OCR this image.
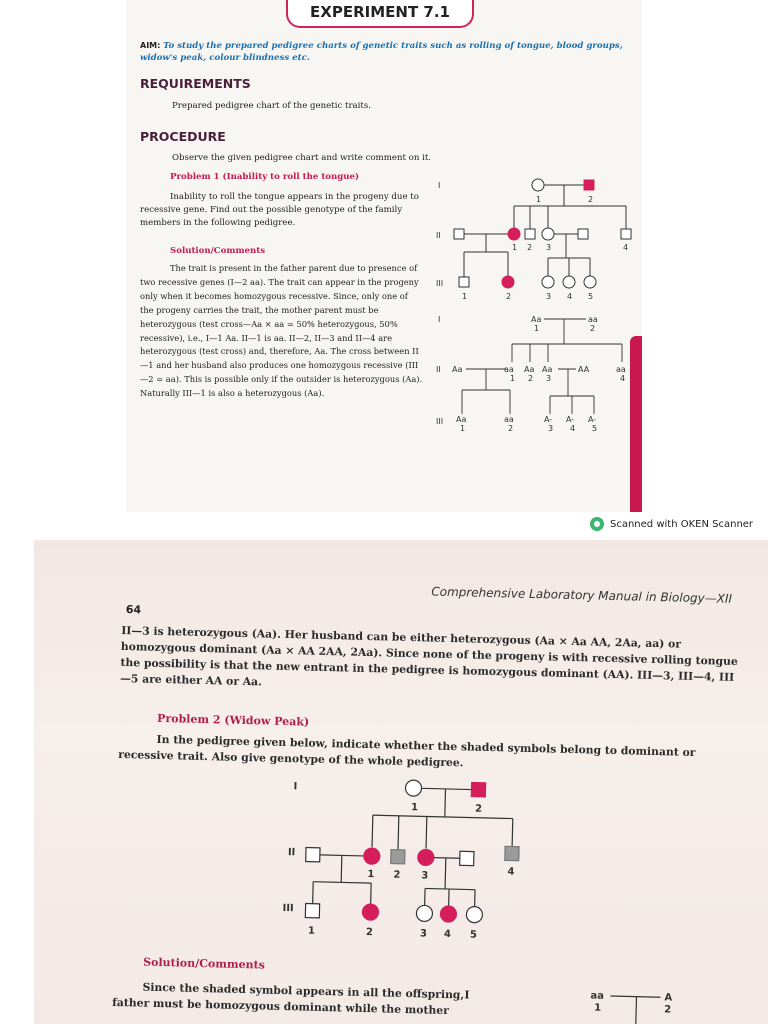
EXPERIMENT 7.1
AIM: To study the prepared pedigree charts of genetic traits such as rolling of tongue, blood groups, widow's peak, colour blindness etc.
REQUIREMENTS
Prepared pedigree chart of the genetic traits.
PROCEDURE
Observe the given pedigree chart and write comment on it.
Problem 1 (Inability to roll the tongue)
Inability to roll the tongue appears in the progeny due to recessive gene. Find out the possible genotype of the family members in the following pedigree.
Solution/Comments
The trait is present in the father parent due to presence of two recessive genes (I—2 aa). The trait can appear in the progeny only when it becomes homozygous recessive. Since, only one of the progeny carries the trait, the mother parent must be heterozygous (test cross—Aa × aa = 50% heterozygous, 50% recessive), i.e., I—1 Aa. II—1 is aa. II—2, II—3 and II—4 are heterozygous (test cross) and, therefore, Aa. The cross between II—1 and her husband also produces one homozygous recessive (III—2 = aa). This is possible only if the outsider is heterozygous (Aa). Naturally III—1 is also a heterozygous (Aa).
I
II
III
1	2
1 2 3	4
1	2	3 4 5
I
II
III
Aa	aa
1	2
Aa	aa Aa Aa	AA	aa
1 2 3	4
Aa	aa
1	2
A- A- A-
3 4 5
Scanned with OKEN Scanner
Comprehensive Laboratory Manual in Biology—XII
64
II—3 is heterozygous (Aa). Her husband can be either heterozygous (Aa × Aa AA, 2Aa, aa) or homozygous dominant (Aa × AA 2AA, 2Aa). Since none of the progeny is with recessive rolling tongue the possibility is that the new entrant in the pedigree is homozygous dominant (AA). III—3, III—4, III—5 are either AA or Aa.
Problem 2 (Widow Peak)
In the pedigree given below, indicate whether the shaded symbols belong to dominant or recessive trait. Also give genotype of the whole pedigree.
I
II
III
1	2
1 2 3	4
1	2	3 4 5
Solution/Comments
Since the shaded symbol appears in all the offspring, father must be homozygous dominant while the mother
I	aa
1
A
2
